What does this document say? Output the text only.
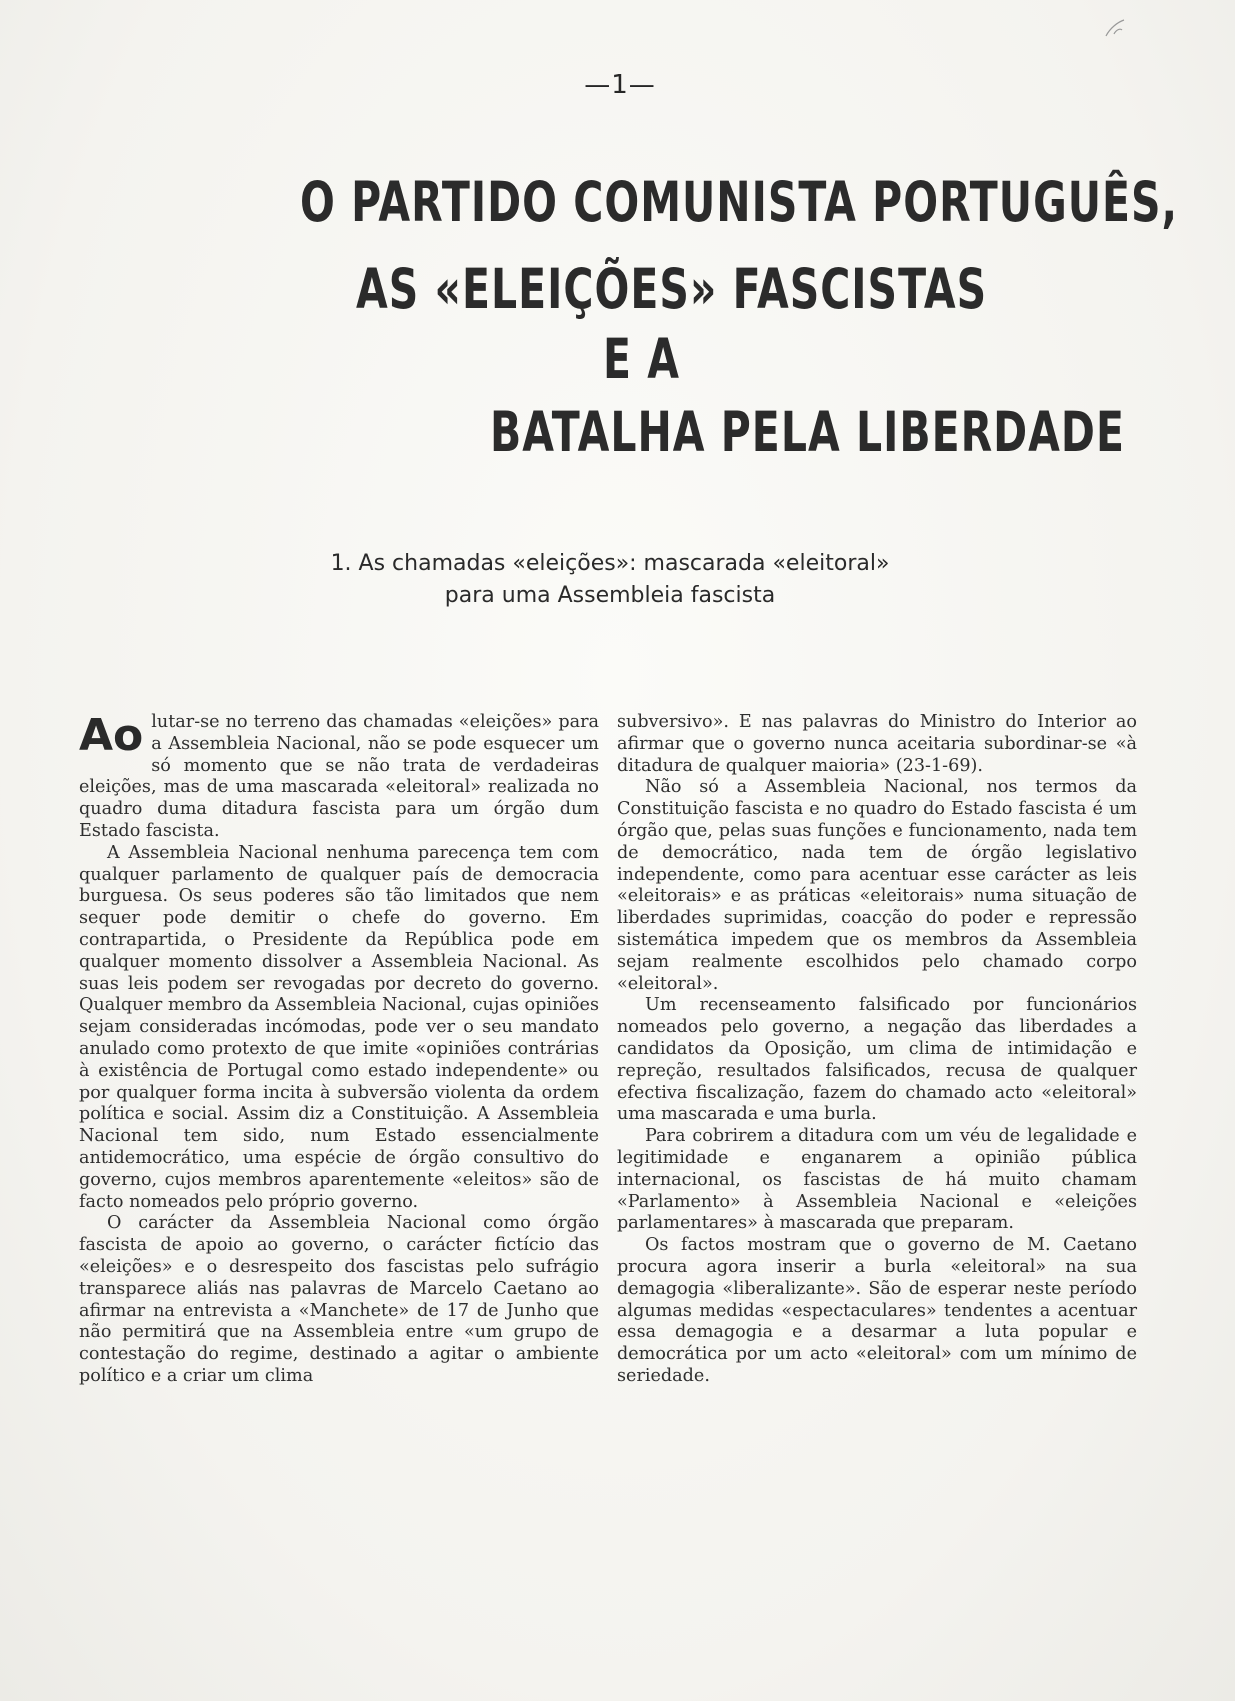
—1—
O PARTIDO COMUNISTA PORTUGUÊS,
AS «ELEIÇÕES» FASCISTAS
E A
BATALHA PELA LIBERDADE
1. As chamadas «eleições»: mascarada «eleitoral»
para uma Assembleia fascista

Ao lutar-se no terreno das chamadas «eleições» para a Assembleia Nacional, não se pode esquecer um só momento que se não trata de verdadeiras eleições, mas de uma mascarada «eleitoral» realizada no quadro duma ditadura fascista para um órgão dum Estado fascista.

A Assembleia Nacional nenhuma parecença tem com qualquer parlamento de qualquer país de democracia burguesa. Os seus poderes são tão limitados que nem sequer pode demitir o chefe do governo. Em contrapartida, o Presidente da República pode em qualquer momento dissolver a Assembleia Nacional. As suas leis podem ser revogadas por decreto do governo. Qualquer membro da Assembleia Nacional, cujas opiniões sejam consideradas incómodas, pode ver o seu mandato anulado como protexto de que imite «opiniões contrárias à existência de Portugal como estado independente» ou por qualquer forma incita à subversão violenta da ordem política e social. Assim diz a Constituição. A Assembleia Nacional tem sido, num Estado essencialmente antidemocrático, uma espécie de órgão consultivo do governo, cujos membros aparentemente «eleitos» são de facto nomeados pelo próprio governo.

O carácter da Assembleia Nacional como órgão fascista de apoio ao governo, o carácter fictício das «eleições» e o desrespeito dos fascistas pelo sufrágio transparece aliás nas palavras de Marcelo Caetano ao afirmar na entrevista a «Manchete» de 17 de Junho que não permitirá que na Assembleia entre «um grupo de contestação do regime, destinado a agitar o ambiente político e a criar um clima

subversivo». E nas palavras do Ministro do Interior ao afirmar que o governo nunca aceitaria subordinar-se «à ditadura de qualquer maioria» (23-1-69).

Não só a Assembleia Nacional, nos termos da Constituição fascista e no quadro do Estado fascista é um órgão que, pelas suas funções e funcionamento, nada tem de democrático, nada tem de órgão legislativo independente, como para acentuar esse carácter as leis «eleitorais» e as práticas «eleitorais» numa situação de liberdades suprimidas, coacção do poder e repressão sistemática impedem que os membros da Assembleia sejam realmente escolhidos pelo chamado corpo «eleitoral».

Um recenseamento falsificado por funcionários nomeados pelo governo, a negação das liberdades a candidatos da Oposição, um clima de intimidação e repreção, resultados falsificados, recusa de qualquer efectiva fiscalização, fazem do chamado acto «eleitoral» uma mascarada e uma burla.

Para cobrirem a ditadura com um véu de legalidade e legitimidade e enganarem a opinião pública internacional, os fascistas de há muito chamam «Parlamento» à Assembleia Nacional e «eleições parlamentares» à mascarada que preparam.

Os factos mostram que o governo de M. Caetano procura agora inserir a burla «eleitoral» na sua demagogia «liberalizante». São de esperar neste período algumas medidas «espectaculares» tendentes a acentuar essa demagogia e a desarmar a luta popular e democrática por um acto «eleitoral» com um mínimo de seriedade.
